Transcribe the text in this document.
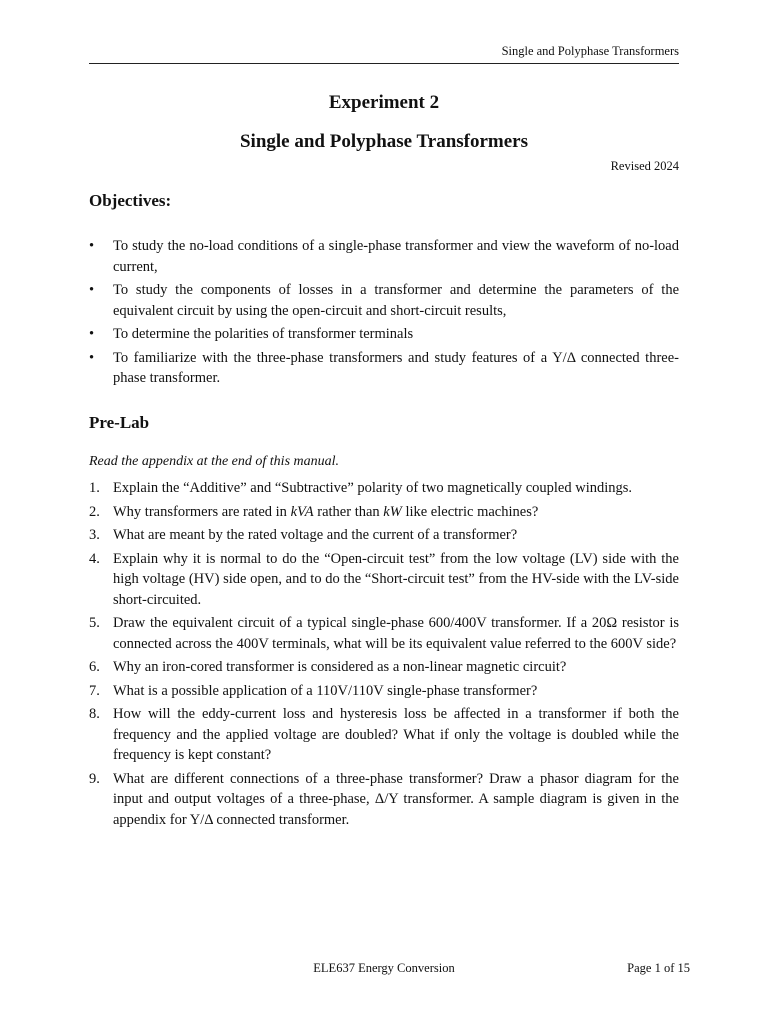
Single and Polyphase Transformers
Experiment 2
Single and Polyphase Transformers
Revised 2024
Objectives:
• To study the no-load conditions of a single-phase transformer and view the waveform of no-load current,
• To study the components of losses in a transformer and determine the parameters of the equivalent circuit by using the open-circuit and short-circuit results,
• To determine the polarities of transformer terminals
• To familiarize with the three-phase transformers and study features of a Y/Δ connected three-phase transformer.
Pre-Lab

Read the appendix at the end of this manual.

1. Explain the “Additive” and “Subtractive” polarity of two magnetically coupled windings.
2. Why transformers are rated in kVA rather than kW like electric machines?
3. What are meant by the rated voltage and the current of a transformer?
4. Explain why it is normal to do the “Open-circuit test” from the low voltage (LV) side with the high voltage (HV) side open, and to do the “Short-circuit test” from the HV-side with the LV-side short-circuited.
5. Draw the equivalent circuit of a typical single-phase 600/400V transformer. If a 20Ω resistor is connected across the 400V terminals, what will be its equivalent value referred to the 600V side?
6. Why an iron-cored transformer is considered as a non-linear magnetic circuit?
7. What is a possible application of a 110V/110V single-phase transformer?
8. How will the eddy-current loss and hysteresis loss be affected in a transformer if both the frequency and the applied voltage are doubled? What if only the voltage is doubled while the frequency is kept constant?
9. What are different connections of a three-phase transformer? Draw a phasor diagram for the input and output voltages of a three-phase, Δ/Y transformer. A sample diagram is given in the appendix for Y/Δ connected transformer.
ELE637 Energy Conversion	Page 1 of 15
